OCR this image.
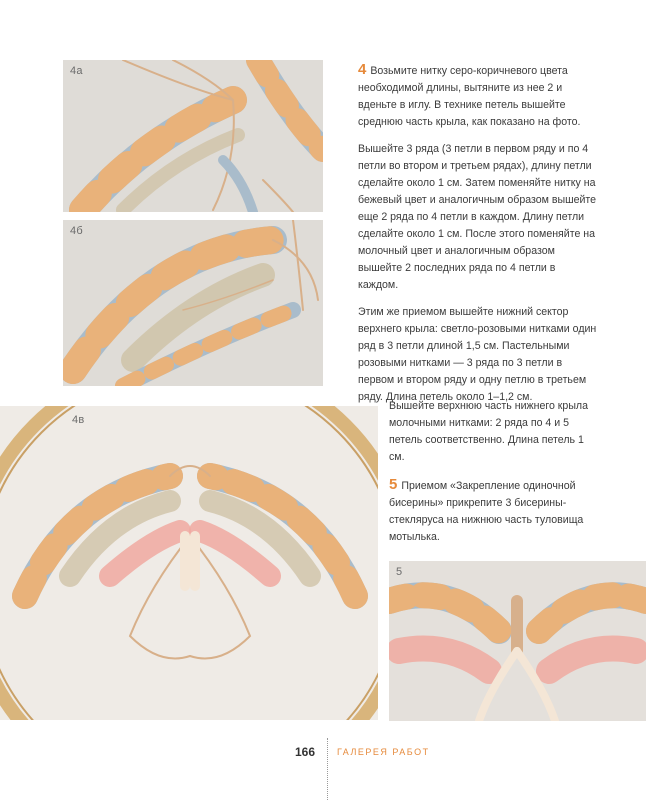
4а
4б
4в
5

4 Возьмите нитку серо-коричневого цвета необходимой длины, вытяните из нее 2 и вденьте в иглу. В технике петель вышейте среднюю часть крыла, как показано на фото.

Вышейте 3 ряда (3 петли в первом ряду и по 4 петли во втором и третьем рядах), длину петли сделайте около 1 см. Затем поменяйте нитку на бежевый цвет и аналогичным образом вышейте еще 2 ряда по 4 петли в каждом. Длину петли сделайте около 1 см. После этого поменяйте на молочный цвет и аналогичным образом вышейте 2 последних ряда по 4 петли в каждом.

Этим же приемом вышейте нижний сектор верхнего крыла: светло-розовыми нитками один ряд в 3 петли длиной 1,5 см. Пастельными розовыми нитками — 3 ряда по 3 петли в первом и втором ряду и одну петлю в третьем ряду. Длина петель около 1–1,2 см.

Вышейте верхнюю часть нижнего крыла молочными нитками: 2 ряда по 4 и 5 петель соответственно. Длина петель 1 см.

5 Приемом «Закрепление одиночной бисерины» прикрепите 3 бисерины-стекляруса на нижнюю часть туловища мотылька.

166 ГАЛЕРЕЯ РАБОТ
